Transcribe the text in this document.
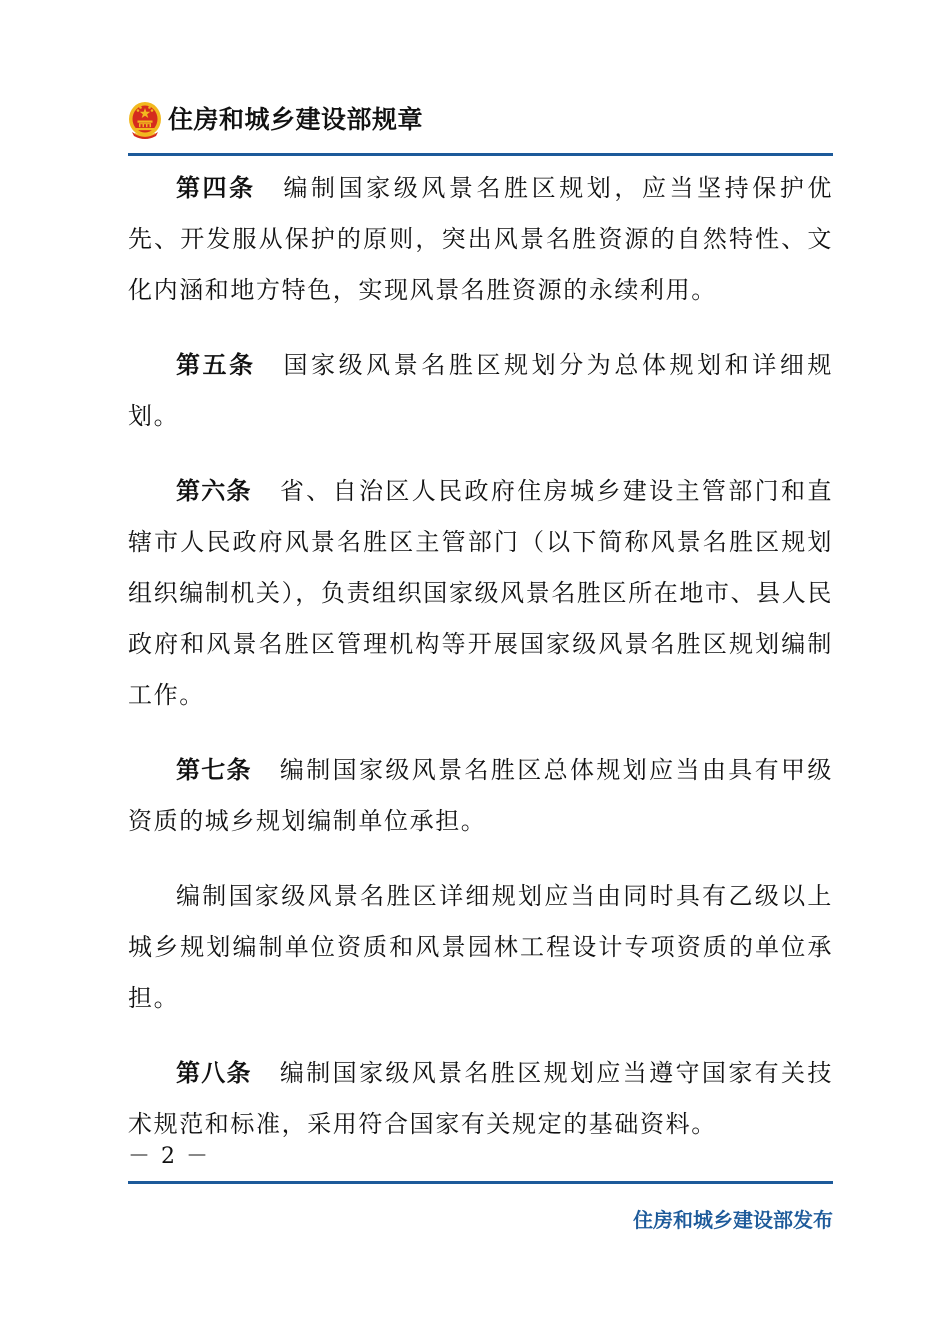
住房和城乡建设部规章

第四条 编制国家级风景名胜区规划，应当坚持保护优先、开发服从保护的原则，突出风景名胜资源的自然特性、文化内涵和地方特色，实现风景名胜资源的永续利用。

第五条 国家级风景名胜区规划分为总体规划和详细规划。

第六条 省、自治区人民政府住房城乡建设主管部门和直辖市人民政府风景名胜区主管部门（以下简称风景名胜区规划组织编制机关），负责组织国家级风景名胜区所在地市、县人民政府和风景名胜区管理机构等开展国家级风景名胜区规划编制工作。

第七条 编制国家级风景名胜区总体规划应当由具有甲级资质的城乡规划编制单位承担。

编制国家级风景名胜区详细规划应当由同时具有乙级以上城乡规划编制单位资质和风景园林工程设计专项资质的单位承担。

第八条 编制国家级风景名胜区规划应当遵守国家有关技术规范和标准，采用符合国家有关规定的基础资料。

－ 2 －
住房和城乡建设部发布
